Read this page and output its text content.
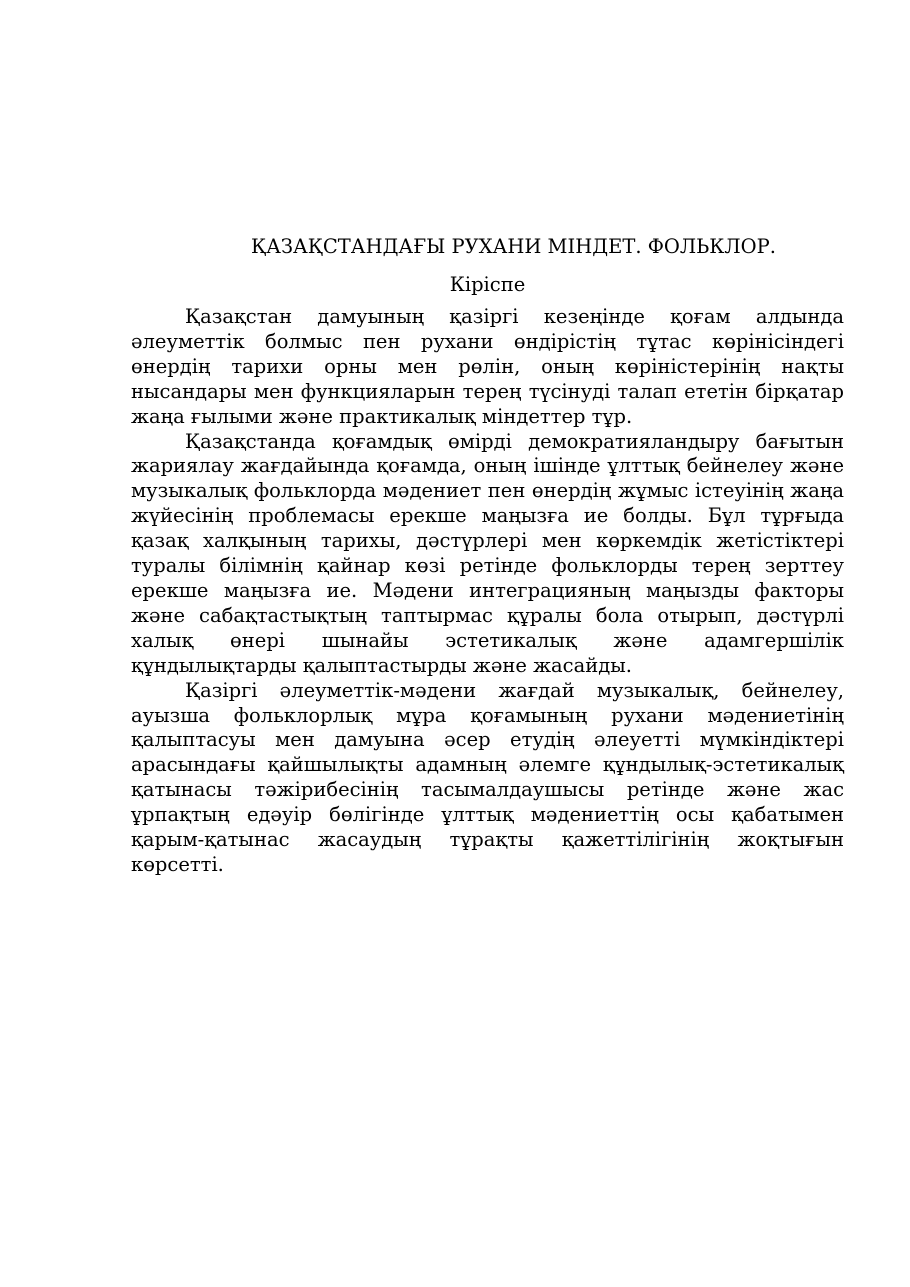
ҚАЗАҚСТАНДАҒЫ РУХАНИ МІНДЕТ. ФОЛЬКЛОР.
Кіріспе

Қазақстан дамуының қазіргі кезеңінде қоғам алдында әлеуметтік болмыс пен рухани өндірістің тұтас көрінісіндегі өнердің тарихи орны мен рөлін, оның көріністерінің нақты нысандары мен функцияларын терең түсінуді талап ететін бірқатар жаңа ғылыми және практикалық міндеттер тұр.

Қазақстанда қоғамдық өмірді демократияландыру бағытын жариялау жағдайында қоғамда, оның ішінде ұлттық бейнелеу және музыкалық фольклорда мәдениет пен өнердің жұмыс істеуінің жаңа жүйесінің проблемасы ерекше маңызға ие болды. Бұл тұрғыда қазақ халқының тарихы, дәстүрлері мен көркемдік жетістіктері туралы білімнің қайнар көзі ретінде фольклорды терең зерттеу ерекше маңызға ие. Мәдени интеграцияның маңызды факторы және сабақтастықтың таптырмас құралы бола отырып, дәстүрлі халық өнері шынайы эстетикалық және адамгершілік құндылықтарды қалыптастырды және жасайды.

Қазіргі әлеуметтік-мәдени жағдай музыкалық, бейнелеу, ауызша фольклорлық мұра қоғамының рухани мәдениетінің қалыптасуы мен дамуына әсер етудің әлеуетті мүмкіндіктері арасындағы қайшылықты адамның әлемге құндылық-эстетикалық қатынасы тәжірибесінің тасымалдаушысы ретінде және жас ұрпақтың едәуір бөлігінде ұлттық мәдениеттің осы қабатымен қарым-қатынас жасаудың тұрақты қажеттілігінің жоқтығын көрсетті.
